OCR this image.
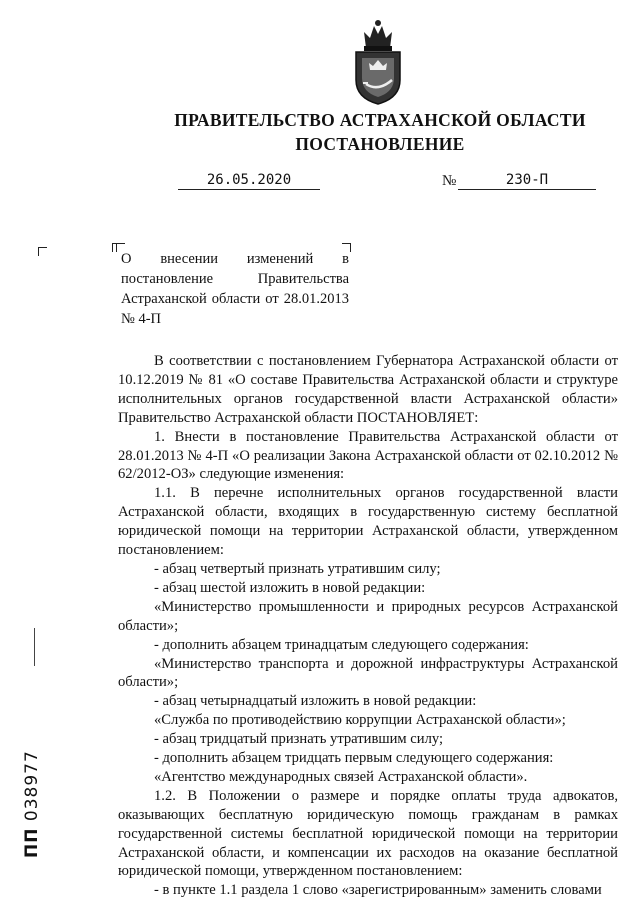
ПРАВИТЕЛЬСТВО АСТРАХАНСКОЙ ОБЛАСТИ
ПОСТАНОВЛЕНИЕ
26.05.2020	№	230-П
О внесении изменений в постановление Правительства Астраханской области от 28.01.2013 № 4-П

В соответствии с постановлением Губернатора Астраханской области от 10.12.2019 № 81 «О составе Правительства Астраханской области и структуре исполнительных органов государственной власти Астраханской области» Правительство Астраханской области ПОСТАНОВЛЯЕТ:

1. Внести в постановление Правительства Астраханской области от 28.01.2013 № 4-П «О реализации Закона Астраханской области от 02.10.2012 № 62/2012-ОЗ» следующие изменения:

1.1. В перечне исполнительных органов государственной власти Астраханской области, входящих в государственную систему бесплатной юридической помощи на территории Астраханской области, утвержденном постановлением:

- абзац четвертый признать утратившим силу;

- абзац шестой изложить в новой редакции:

«Министерство промышленности и природных ресурсов Астраханской области»;

- дополнить абзацем тринадцатым следующего содержания:

«Министерство транспорта и дорожной инфраструктуры Астраханской области»;

- абзац четырнадцатый изложить в новой редакции:

«Служба по противодействию коррупции Астраханской области»;

- абзац тридцатый признать утратившим силу;

- дополнить абзацем тридцать первым следующего содержания:

«Агентство международных связей Астраханской области».

1.2. В Положении о размере и порядке оплаты труда адвокатов, оказывающих бесплатную юридическую помощь гражданам в рамках государственной системы бесплатной юридической помощи на территории Астраханской области, и компенсации их расходов на оказание бесплатной юридической помощи, утвержденном постановлением:

- в пункте 1.1 раздела 1 слово «зарегистрированным» заменить словами

ПП 038977
